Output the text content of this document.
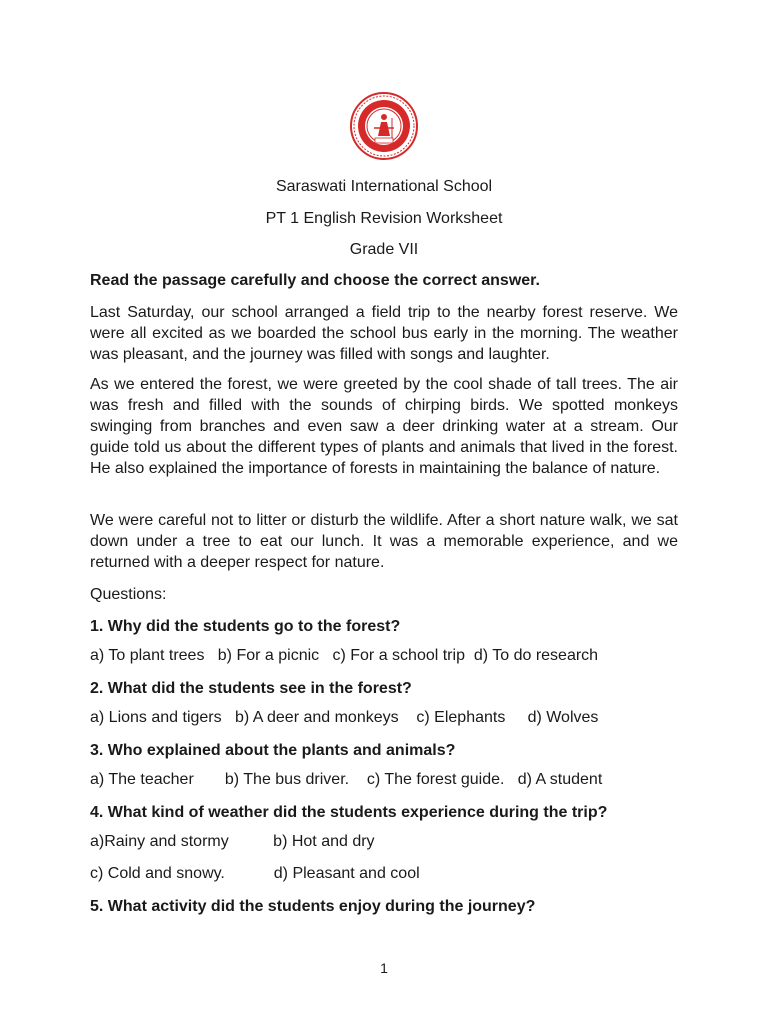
Saraswati International School
PT 1 English Revision Worksheet
Grade VII
Read the passage carefully and choose the correct answer.
Last Saturday, our school arranged a field trip to the nearby forest reserve. We were all excited as we boarded the school bus early in the morning. The weather was pleasant, and the journey was filled with songs and laughter.
As we entered the forest, we were greeted by the cool shade of tall trees. The air was fresh and filled with the sounds of chirping birds. We spotted monkeys swinging from branches and even saw a deer drinking water at a stream. Our guide told us about the different types of plants and animals that lived in the forest. He also explained the importance of forests in maintaining the balance of nature.
We were careful not to litter or disturb the wildlife. After a short nature walk, we sat down under a tree to eat our lunch. It was a memorable experience, and we returned with a deeper respect for nature.
Questions:
1. Why did the students go to the forest?
a) To plant trees   b) For a picnic   c) For a school trip  d) To do research
2. What did the students see in the forest?
a) Lions and tigers   b) A deer and monkeys    c) Elephants     d) Wolves
3. Who explained about the plants and animals?
a) The teacher       b) The bus driver.    c) The forest guide.   d) A student
4. What kind of weather did the students experience during the trip?
a)Rainy and stormy          b) Hot and dry
c) Cold and snowy.           d) Pleasant and cool
5. What activity did the students enjoy during the journey?
1
